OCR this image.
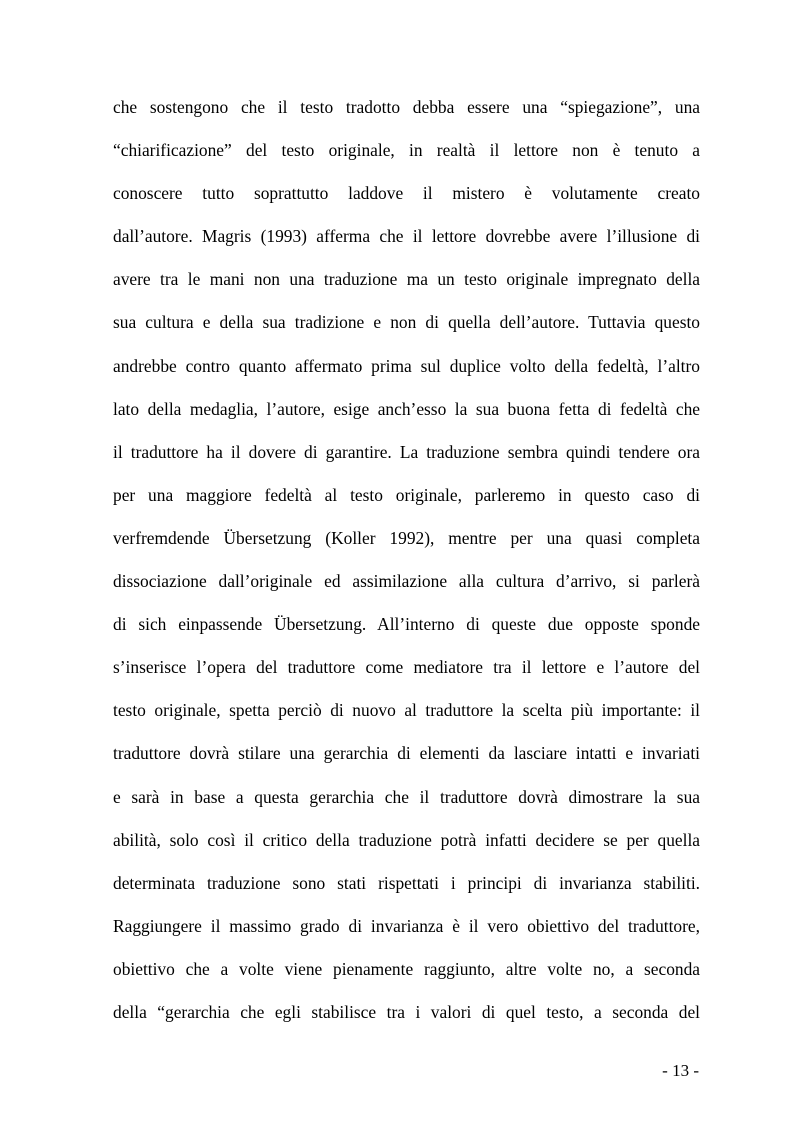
che sostengono che il testo tradotto debba essere una “spiegazione”, una
“chiarificazione” del testo originale, in realtà il lettore non è tenuto a
conoscere tutto soprattutto laddove il mistero è volutamente creato
dall’autore. Magris (1993) afferma che il lettore dovrebbe avere l’illusione di
avere tra le mani non una traduzione ma un testo originale impregnato della
sua cultura e della sua tradizione e non di quella dell’autore. Tuttavia questo
andrebbe contro quanto affermato prima sul duplice volto della fedeltà, l’altro
lato della medaglia, l’autore, esige anch’esso la sua buona fetta di fedeltà che
il traduttore ha il dovere di garantire. La traduzione sembra quindi tendere ora
per una maggiore fedeltà al testo originale, parleremo in questo caso di
verfremdende Übersetzung (Koller 1992), mentre per una quasi completa
dissociazione dall’originale ed assimilazione alla cultura d’arrivo, si parlerà
di sich einpassende Übersetzung. All’interno di queste due opposte sponde
s’inserisce l’opera del traduttore come mediatore tra il lettore e l’autore del
testo originale, spetta perciò di nuovo al traduttore la scelta più importante: il
traduttore dovrà stilare una gerarchia di elementi da lasciare intatti e invariati
e sarà in base a questa gerarchia che il traduttore dovrà dimostrare la sua
abilità, solo così il critico della traduzione potrà infatti decidere se per quella
determinata traduzione sono stati rispettati i principi di invarianza stabiliti.
Raggiungere il massimo grado di invarianza è il vero obiettivo del traduttore,
obiettivo che a volte viene pienamente raggiunto, altre volte no, a seconda
della “gerarchia che egli stabilisce tra i valori di quel testo, a seconda del
- 13 -
